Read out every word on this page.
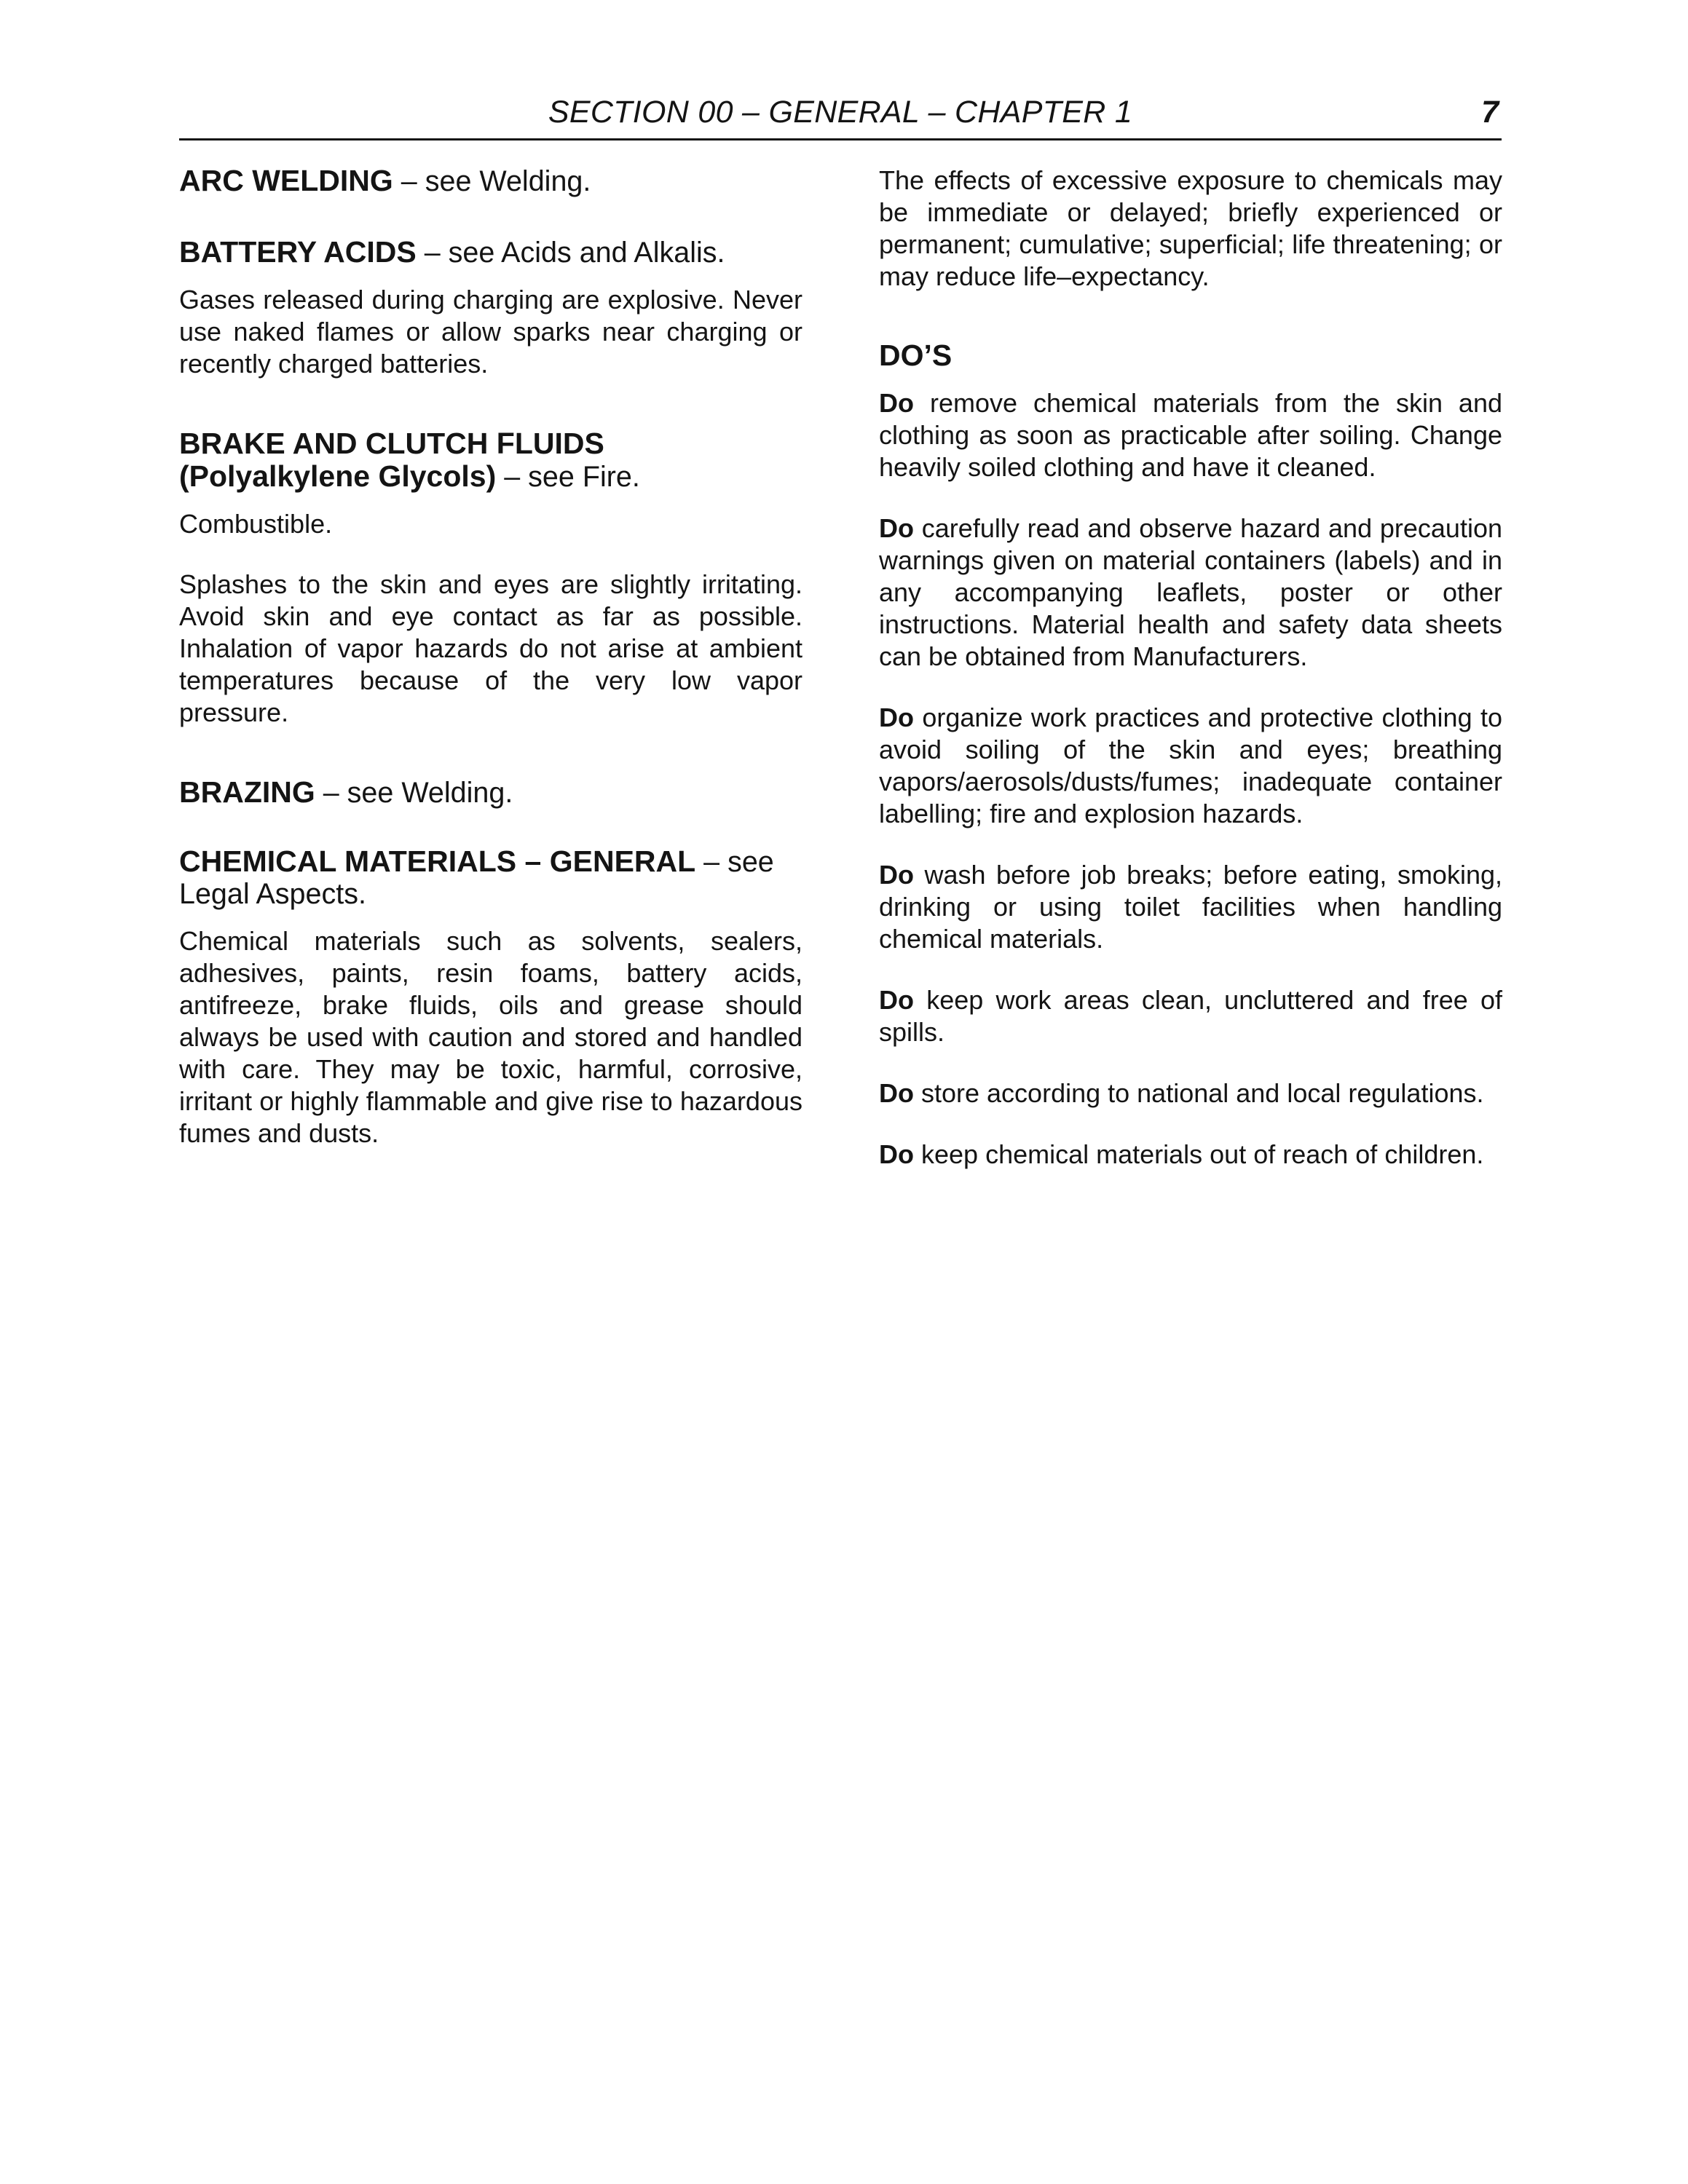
SECTION 00 – GENERAL – CHAPTER 1	7

ARC WELDING – see Welding.

BATTERY ACIDS – see Acids and Alkalis.

Gases released during charging are explosive. Never use naked flames or allow sparks near charging or recently charged batteries.

BRAKE AND CLUTCH FLUIDS

(Polyalkylene Glycols) – see Fire.

Combustible.

Splashes to the skin and eyes are slightly irritating. Avoid skin and eye contact as far as possible. Inhalation of vapor hazards do not arise at ambient temperatures because of the very low vapor pressure.

BRAZING – see Welding.

CHEMICAL MATERIALS – GENERAL – see Legal Aspects.

Chemical materials such as solvents, sealers, adhesives, paints, resin foams, battery acids, antifreeze, brake fluids, oils and grease should always be used with caution and stored and handled with care. They may be toxic, harmful, corrosive, irritant or highly flammable and give rise to hazardous fumes and dusts.

The effects of excessive exposure to chemicals may be immediate or delayed; briefly experienced or permanent; cumulative; superficial; life threatening; or may reduce life–expectancy.

DO’S

Do remove chemical materials from the skin and clothing as soon as practicable after soiling. Change heavily soiled clothing and have it cleaned.

Do carefully read and observe hazard and precaution warnings given on material containers (labels) and in any accompanying leaflets, poster or other instructions. Material health and safety data sheets can be obtained from Manufacturers.

Do organize work practices and protective clothing to avoid soiling of the skin and eyes; breathing vapors/aerosols/dusts/fumes; inadequate container labelling; fire and explosion hazards.

Do wash before job breaks; before eating, smoking, drinking or using toilet facilities when handling chemical materials.

Do keep work areas clean, uncluttered and free of spills.

Do store according to national and local regulations.

Do keep chemical materials out of reach of children.
